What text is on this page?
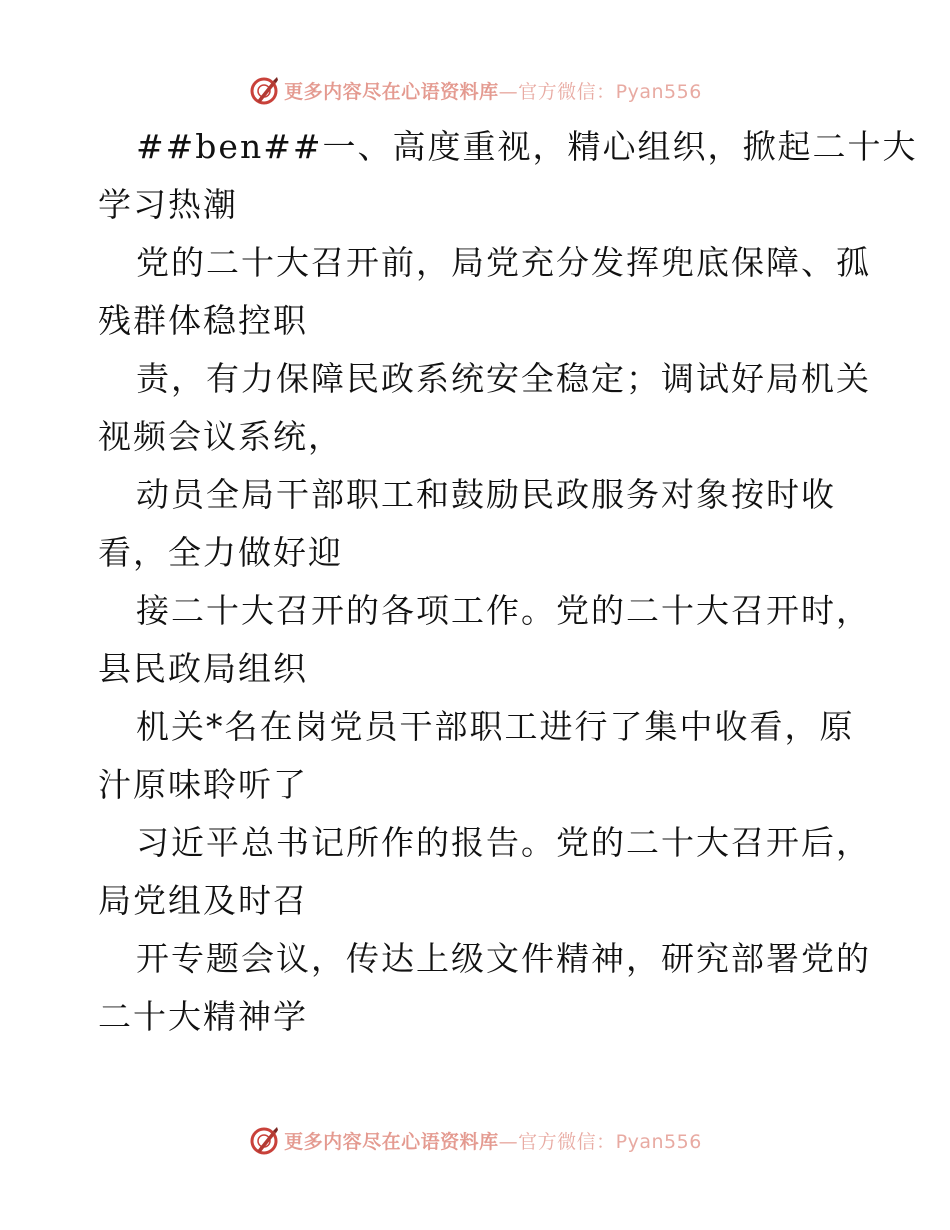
更多内容尽在心语资料库—官方微信：Pyan556
##ben##一、高度重视，精心组织，掀起二十大
学习热潮
党的二十大召开前，局党充分发挥兜底保障、孤
残群体稳控职
责，有力保障民政系统安全稳定；调试好局机关
视频会议系统，
动员全局干部职工和鼓励民政服务对象按时收
看，全力做好迎
接二十大召开的各项工作。党的二十大召开时，
县民政局组织
机关*名在岗党员干部职工进行了集中收看，原
汁原味聆听了
习近平总书记所作的报告。党的二十大召开后，
局党组及时召
开专题会议，传达上级文件精神，研究部署党的
二十大精神学
更多内容尽在心语资料库—官方微信：Pyan556
